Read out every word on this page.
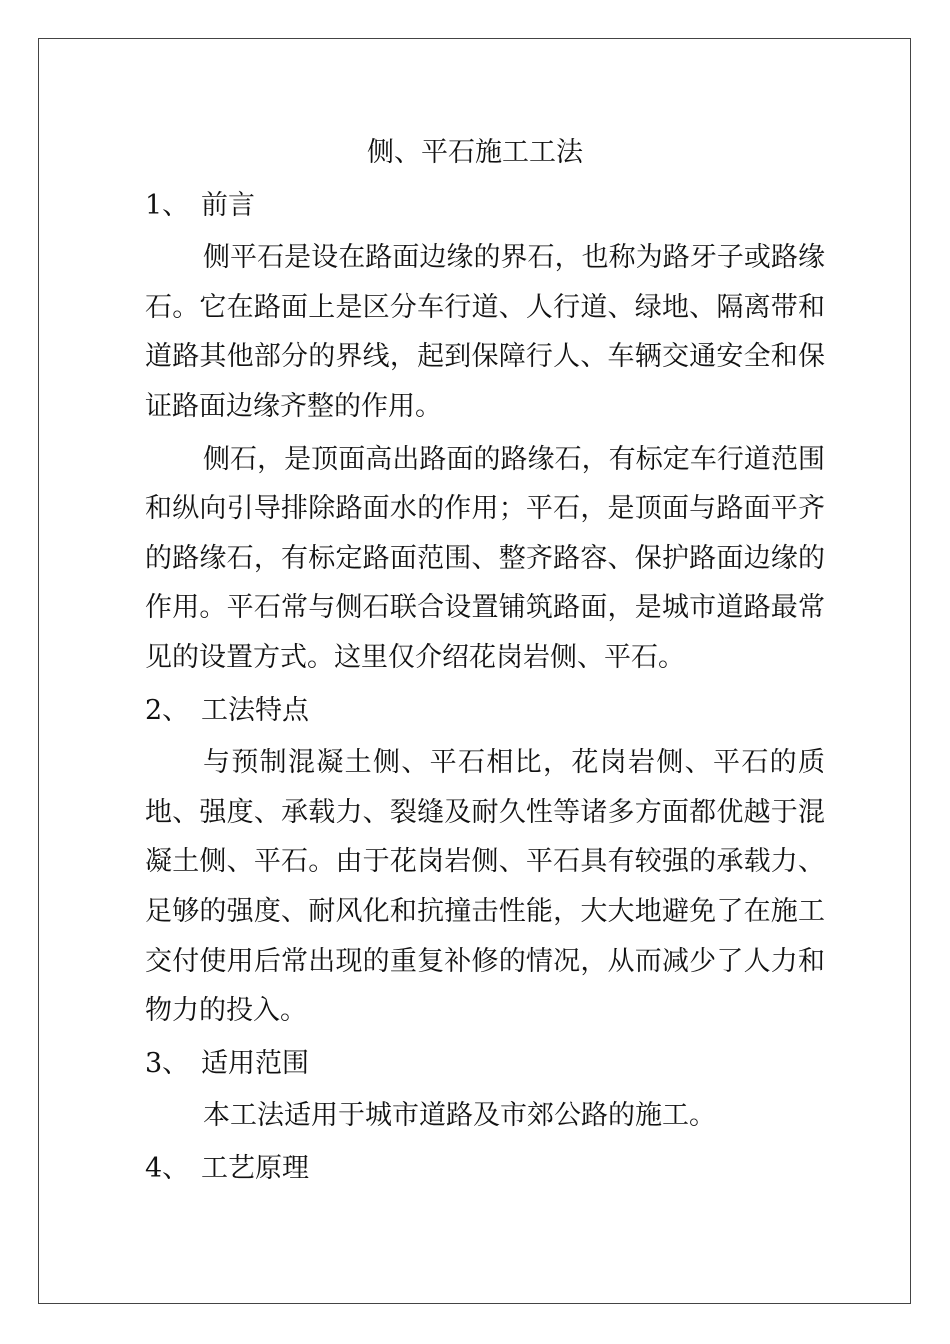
侧、平石施工工法

1、 前言

侧平石是设在路面边缘的界石，也称为路牙子或路缘石。它在路面上是区分车行道、人行道、绿地、隔离带和道路其他部分的界线，起到保障行人、车辆交通安全和保证路面边缘齐整的作用。

侧石，是顶面高出路面的路缘石，有标定车行道范围和纵向引导排除路面水的作用；平石，是顶面与路面平齐的路缘石，有标定路面范围、整齐路容、保护路面边缘的作用。平石常与侧石联合设置铺筑路面，是城市道路最常见的设置方式。这里仅介绍花岗岩侧、平石。

2、 工法特点

与预制混凝土侧、平石相比，花岗岩侧、平石的质地、强度、承载力、裂缝及耐久性等诸多方面都优越于混凝土侧、平石。由于花岗岩侧、平石具有较强的承载力、足够的强度、耐风化和抗撞击性能，大大地避免了在施工交付使用后常出现的重复补修的情况，从而减少了人力和物力的投入。

3、 适用范围

本工法适用于城市道路及市郊公路的施工。

4、 工艺原理
